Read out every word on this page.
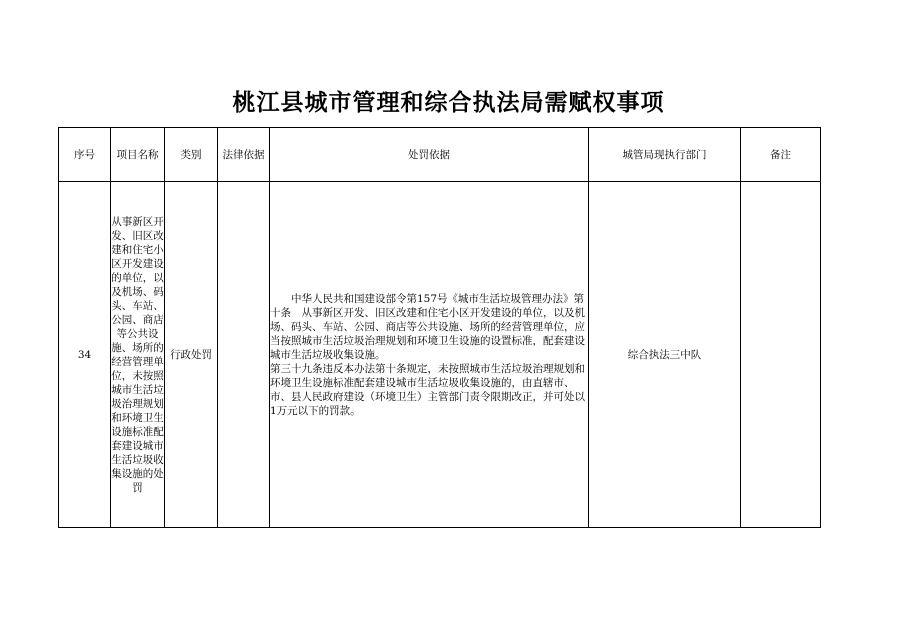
桃江县城市管理和综合执法局需赋权事项
序号	项目名称	类别	法律依据	处罚依据	城管局现执行部门	备注
34	从事新区开发、旧区改建和住宅小区开发建设的单位，以及机场、码头、车站、公园、商店等公共设施、场所的经营管理单位，未按照城市生活垃圾治理规划和环境卫生设施标准配套建设城市生活垃圾收集设施的处罚	行政处罚		中华人民共和国建设部令第157号《城市生活垃圾管理办法》第十条　从事新区开发、旧区改建和住宅小区开发建设的单位，以及机场、码头、车站、公园、商店等公共设施、场所的经营管理单位，应当按照城市生活垃圾治理规划和环境卫生设施的设置标准，配套建设城市生活垃圾收集设施。

第三十九条违反本办法第十条规定，未按照城市生活垃圾治理规划和环境卫生设施标准配套建设城市生活垃圾收集设施的，由直辖市、市、县人民政府建设（环境卫生）主管部门责令限期改正，并可处以1万元以下的罚款。	综合执法三中队	
